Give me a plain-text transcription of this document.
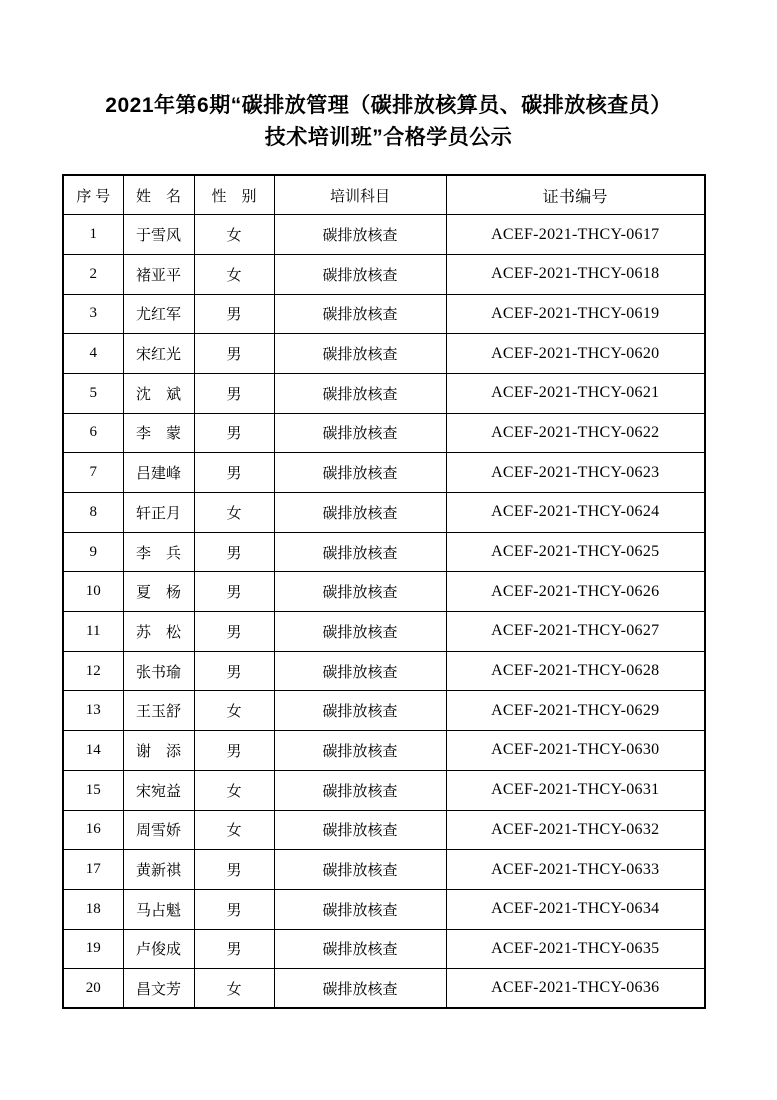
2021年第6期“碳排放管理（碳排放核算员、碳排放核查员）
技术培训班”合格学员公示
序 号	姓　名	性　别	培训科目	证书编号
1	于雪风	女	碳排放核查	ACEF-2021-THCY-0617
2	褚亚平	女	碳排放核查	ACEF-2021-THCY-0618
3	尤红军	男	碳排放核查	ACEF-2021-THCY-0619
4	宋红光	男	碳排放核查	ACEF-2021-THCY-0620
5	沈　斌	男	碳排放核查	ACEF-2021-THCY-0621
6	李　蒙	男	碳排放核查	ACEF-2021-THCY-0622
7	吕建峰	男	碳排放核查	ACEF-2021-THCY-0623
8	轩正月	女	碳排放核查	ACEF-2021-THCY-0624
9	李　兵	男	碳排放核查	ACEF-2021-THCY-0625
10	夏　杨	男	碳排放核查	ACEF-2021-THCY-0626
11	苏　松	男	碳排放核查	ACEF-2021-THCY-0627
12	张书瑜	男	碳排放核查	ACEF-2021-THCY-0628
13	王玉舒	女	碳排放核查	ACEF-2021-THCY-0629
14	谢　添	男	碳排放核查	ACEF-2021-THCY-0630
15	宋宛益	女	碳排放核查	ACEF-2021-THCY-0631
16	周雪娇	女	碳排放核查	ACEF-2021-THCY-0632
17	黄新祺	男	碳排放核查	ACEF-2021-THCY-0633
18	马占魁	男	碳排放核查	ACEF-2021-THCY-0634
19	卢俊成	男	碳排放核查	ACEF-2021-THCY-0635
20	昌文芳	女	碳排放核查	ACEF-2021-THCY-0636
